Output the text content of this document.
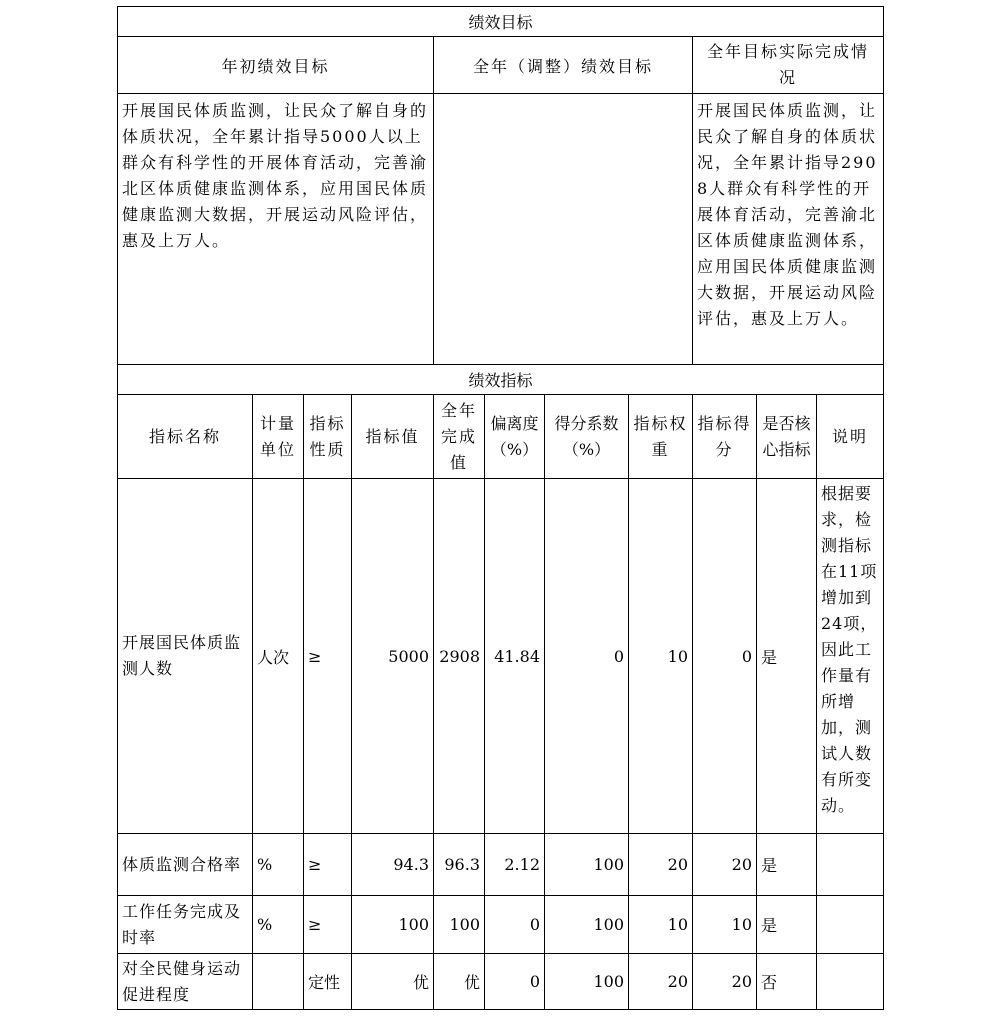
绩效目标										
年初绩效目标				全年（调整）绩效目标				全年目标实际完成情况		

开展国民体质监测，让民众了解自身的体质状况，全年累计指导5000人以上群众有科学性的开展体育活动，完善渝北区体质健康监测体系，应用国民体质健康监测大数据，开展运动风险评估，惠及上万人。								开展国民体质监测，让民众了解自身的体质状况，全年累计指导2908人群众有科学性的开展体育活动，完善渝北区体质健康监测体系，应用国民体质健康监测大数据，开展运动风险评估，惠及上万人。		

绩效指标										

指标名称	计量单位	指标性质	指标值	全年完成值	偏离度（%）	得分系数（%）	指标权重	指标得分	是否核心指标	说明

开展国民体质监测人数	人次	≥	5000	2908	41.84	0	10	0	是	根据要求，检测指标在11项增加到24项，因此工作量有所增加，测试人数有所变动。

体质监测合格率	%	≥	94.3	96.3	2.12	100	20	20	是	

工作任务完成及时率	%	≥	100	100	0	100	10	10	是	

对全民健身运动促进程度		定性	优	优	0	100	20	20	否	
